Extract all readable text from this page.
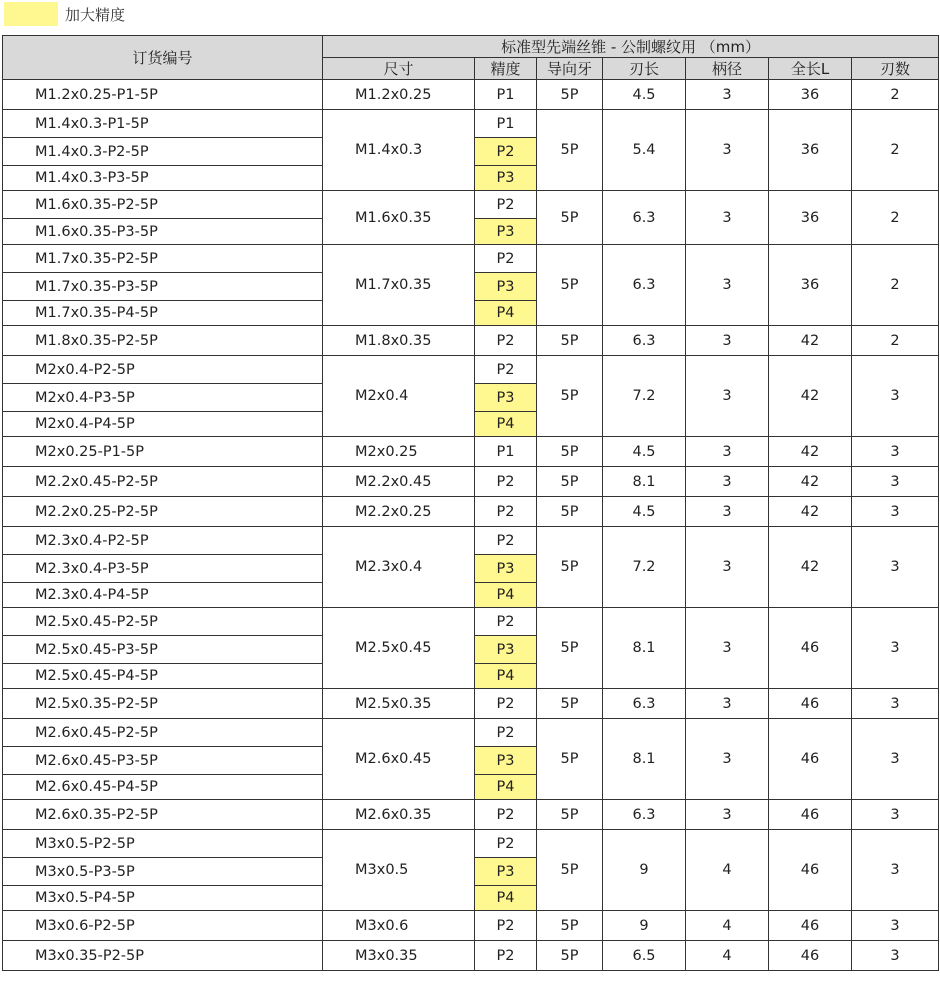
加大精度
订货编号	标准型先端丝锥 - 公制螺纹用 （mm）						
	尺寸	精度	导向牙	刃长	柄径	全长L	刃数
M1.2x0.25-P1-5P	M1.2x0.25	P1	5P	4.5	3	36	2
M1.4x0.3-P1-5P	M1.4x0.3	P1	5P	5.4	3	36	2
M1.4x0.3-P2-5P		P2					
M1.4x0.3-P3-5P		P3					
M1.6x0.35-P2-5P	M1.6x0.35	P2	5P	6.3	3	36	2
M1.6x0.35-P3-5P		P3					
M1.7x0.35-P2-5P	M1.7x0.35	P2	5P	6.3	3	36	2
M1.7x0.35-P3-5P		P3					
M1.7x0.35-P4-5P		P4					
M1.8x0.35-P2-5P	M1.8x0.35	P2	5P	6.3	3	42	2
M2x0.4-P2-5P	M2x0.4	P2	5P	7.2	3	42	3
M2x0.4-P3-5P		P3					
M2x0.4-P4-5P		P4					
M2x0.25-P1-5P	M2x0.25	P1	5P	4.5	3	42	3
M2.2x0.45-P2-5P	M2.2x0.45	P2	5P	8.1	3	42	3
M2.2x0.25-P2-5P	M2.2x0.25	P2	5P	4.5	3	42	3
M2.3x0.4-P2-5P	M2.3x0.4	P2	5P	7.2	3	42	3
M2.3x0.4-P3-5P		P3					
M2.3x0.4-P4-5P		P4					
M2.5x0.45-P2-5P	M2.5x0.45	P2	5P	8.1	3	46	3
M2.5x0.45-P3-5P		P3					
M2.5x0.45-P4-5P		P4					
M2.5x0.35-P2-5P	M2.5x0.35	P2	5P	6.3	3	46	3
M2.6x0.45-P2-5P	M2.6x0.45	P2	5P	8.1	3	46	3
M2.6x0.45-P3-5P		P3					
M2.6x0.45-P4-5P		P4					
M2.6x0.35-P2-5P	M2.6x0.35	P2	5P	6.3	3	46	3
M3x0.5-P2-5P	M3x0.5	P2	5P	9	4	46	3
M3x0.5-P3-5P		P3					
M3x0.5-P4-5P		P4					
M3x0.6-P2-5P	M3x0.6	P2	5P	9	4	46	3
M3x0.35-P2-5P	M3x0.35	P2	5P	6.5	4	46	3
